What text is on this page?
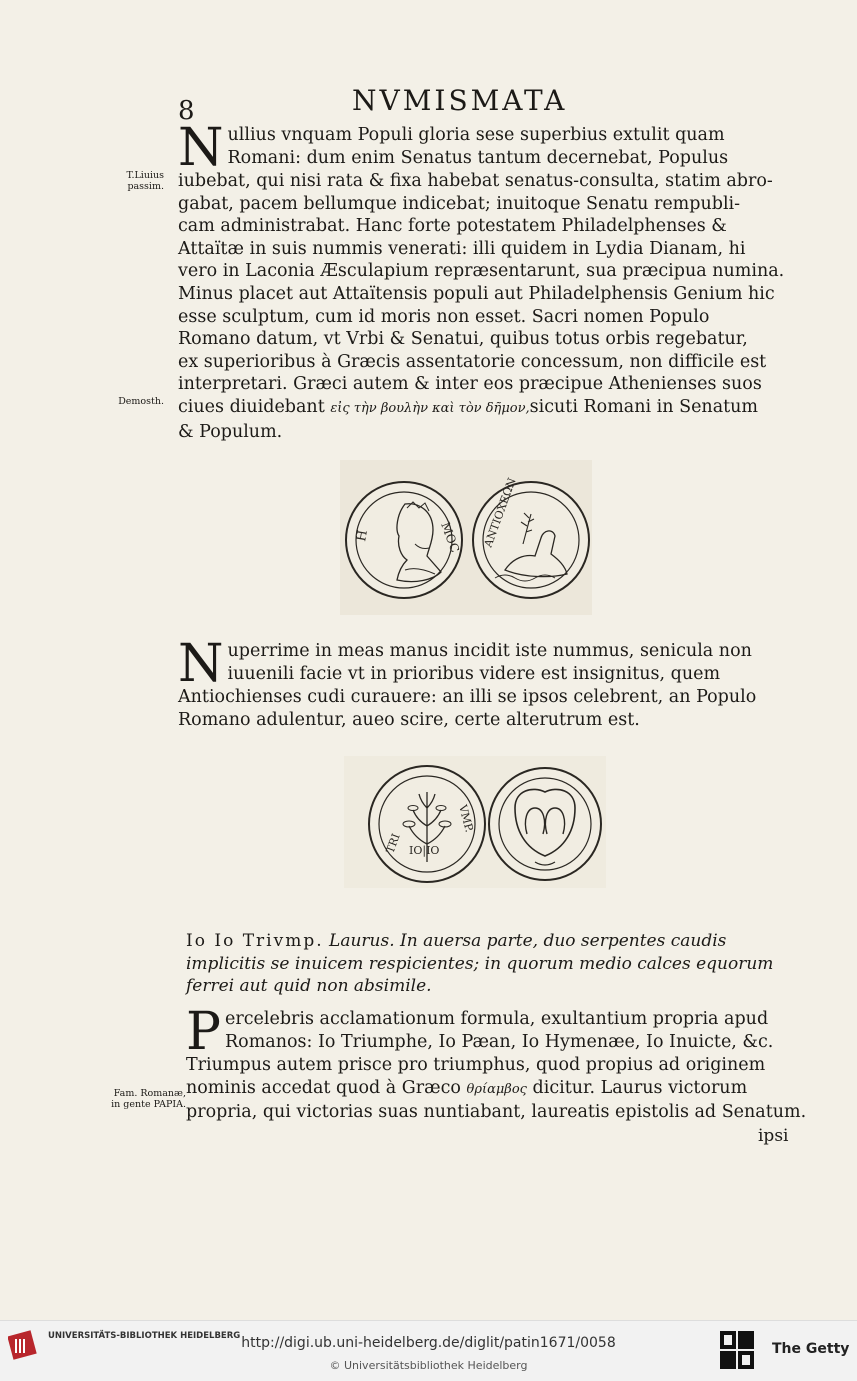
8	NVMISMATA
T.Liuius passim.
Demosth.
N ullius vnquam Populi gloria sese superbius extulit quam
Romani: dum enim Senatus tantum decernebat, Populus
iubebat, qui nisi rata & fixa habebat senatus-consulta, statim abro-
gabat, pacem bellumque indicebat; inuitoque Senatu rempubli-
cam administrabat. Hanc forte potestatem Philadelphenses &
Attaïtæ in suis nummis venerati: illi quidem in Lydia Dianam, hi
vero in Laconia Æsculapium repræsentarunt, sua præcipua numina.
Minus placet aut Attaïtensis populi aut Philadelphensis Genium hic
esse sculptum, cum id moris non esset. Sacri nomen Populo
Romano datum, vt Vrbi & Senatui, quibus totus orbis regebatur,
ex superioribus à Græcis assentatorie concessum, non difficile est
interpretari. Græci autem & inter eos præcipue Athenienses suos
ciues diuidebant εἰς τὴν βουλὴν καὶ τὸν δῆμον,sicuti Romani in Senatum
& Populum.
Η	ΜΟC ΑΝΤΙΟΧΕΩΝ
N uperrime in meas manus incidit iste nummus, senicula non
iuuenili facie vt in prioribus videre est insignitus, quem
Antiochienses cudi curauere: an illi se ipsos celebrent, an Populo
Romano adulentur, aueo scire, certe alterutrum est.
TRI
VMP.
IO|IO
Io Io Trivmp. Laurus. In auersa parte, duo serpentes caudis implicitis se inuicem respicientes; in quorum medio calces equorum ferrei aut quid non absimile.
Fam. Romanæ, in gente PAPIA.
P ercelebris acclamationum formula, exultantium propria apud
Romanos: Io Triumphe, Io Pæan, Io Hymenæe, Io Inuicte, &c.
Triumpus autem prisce pro triumphus, quod propius ad originem
nominis accedat quod à Græco θρίαμβος dicitur. Laurus victorum
propria, qui victorias suas nuntiabant, laureatis epistolis ad Senatum.
ipsi
UNIVERSITÄTS-BIBLIOTHEK HEIDELBERG http://digi.ub.uni-heidelberg.de/diglit/patin1671/0058
© Universitätsbibliothek Heidelberg
The Getty
